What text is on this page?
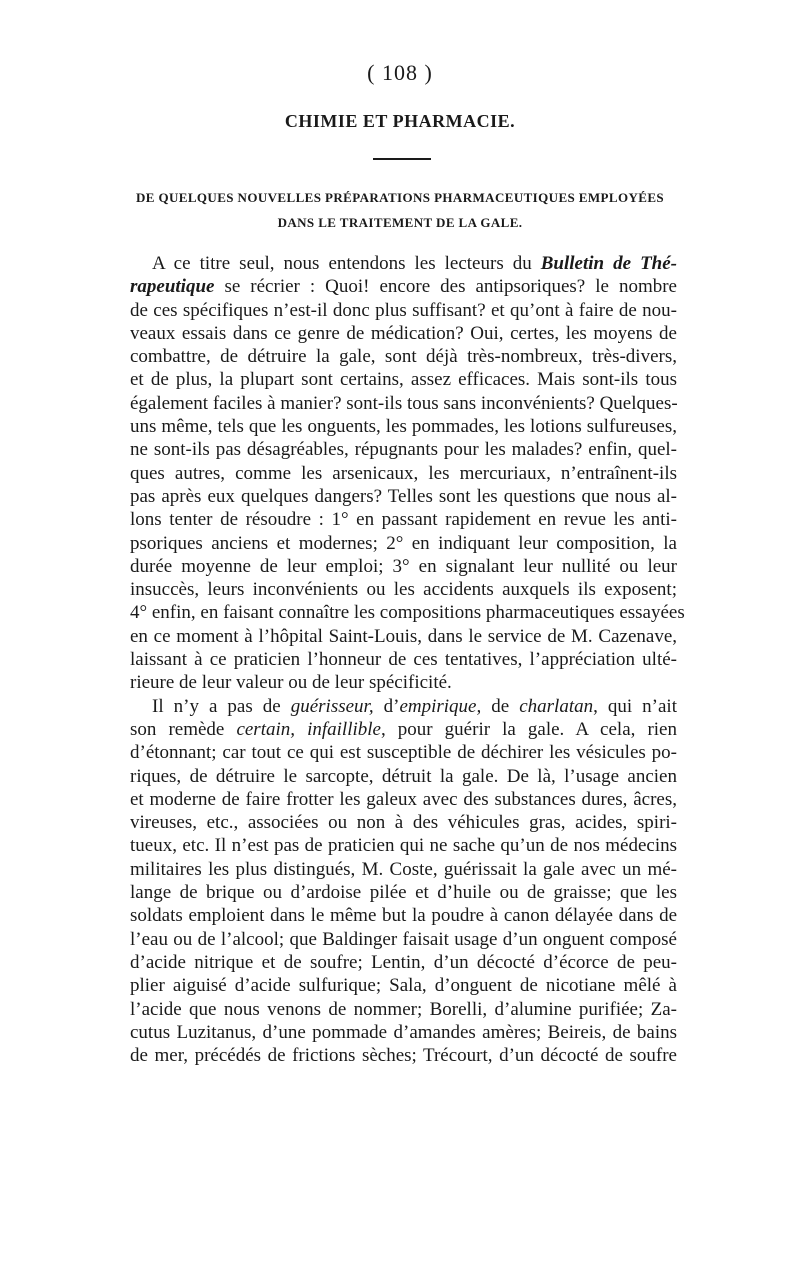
( 108 )
CHIMIE ET PHARMACIE.
DE QUELQUES NOUVELLES PRÉPARATIONS PHARMACEUTIQUES EMPLOYÉES
DANS LE TRAITEMENT DE LA GALE.
A ce titre seul, nous entendons les lecteurs du Bulletin de Thé-
rapeutique se récrier : Quoi! encore des antipsoriques? le nombre
de ces spécifiques n’est-il donc plus suffisant? et qu’ont à faire de nou-
veaux essais dans ce genre de médication? Oui, certes, les moyens de
combattre, de détruire la gale, sont déjà très-nombreux, très-divers,
et de plus, la plupart sont certains, assez efficaces. Mais sont-ils tous
également faciles à manier? sont-ils tous sans inconvénients? Quelques-
uns même, tels que les onguents, les pommades, les lotions sulfureuses,
ne sont-ils pas désagréables, répugnants pour les malades? enfin, quel-
ques autres, comme les arsenicaux, les mercuriaux, n’entraînent-ils
pas après eux quelques dangers? Telles sont les questions que nous al-
lons tenter de résoudre : 1° en passant rapidement en revue les anti-
psoriques anciens et modernes; 2° en indiquant leur composition, la
durée moyenne de leur emploi; 3° en signalant leur nullité ou leur
insuccès, leurs inconvénients ou les accidents auxquels ils exposent;
4° enfin, en faisant connaître les compositions pharmaceutiques essayées
en ce moment à l’hôpital Saint-Louis, dans le service de M. Cazenave,
laissant à ce praticien l’honneur de ces tentatives, l’appréciation ulté-
rieure de leur valeur ou de leur spécificité.
Il n’y a pas de guérisseur, d’empirique, de charlatan, qui n’ait
son remède certain, infaillible, pour guérir la gale. A cela, rien
d’étonnant; car tout ce qui est susceptible de déchirer les vésicules po-
riques, de détruire le sarcopte, détruit la gale. De là, l’usage ancien
et moderne de faire frotter les galeux avec des substances dures, âcres,
vireuses, etc., associées ou non à des véhicules gras, acides, spiri-
tueux, etc. Il n’est pas de praticien qui ne sache qu’un de nos médecins
militaires les plus distingués, M. Coste, guérissait la gale avec un mé-
lange de brique ou d’ardoise pilée et d’huile ou de graisse; que les
soldats emploient dans le même but la poudre à canon délayée dans de
l’eau ou de l’alcool; que Baldinger faisait usage d’un onguent composé
d’acide nitrique et de soufre; Lentin, d’un décocté d’écorce de peu-
plier aiguisé d’acide sulfurique; Sala, d’onguent de nicotiane mêlé à
l’acide que nous venons de nommer; Borelli, d’alumine purifiée; Za-
cutus Luzitanus, d’une pommade d’amandes amères; Beireis, de bains
de mer, précédés de frictions sèches; Trécourt, d’un décocté de soufre
